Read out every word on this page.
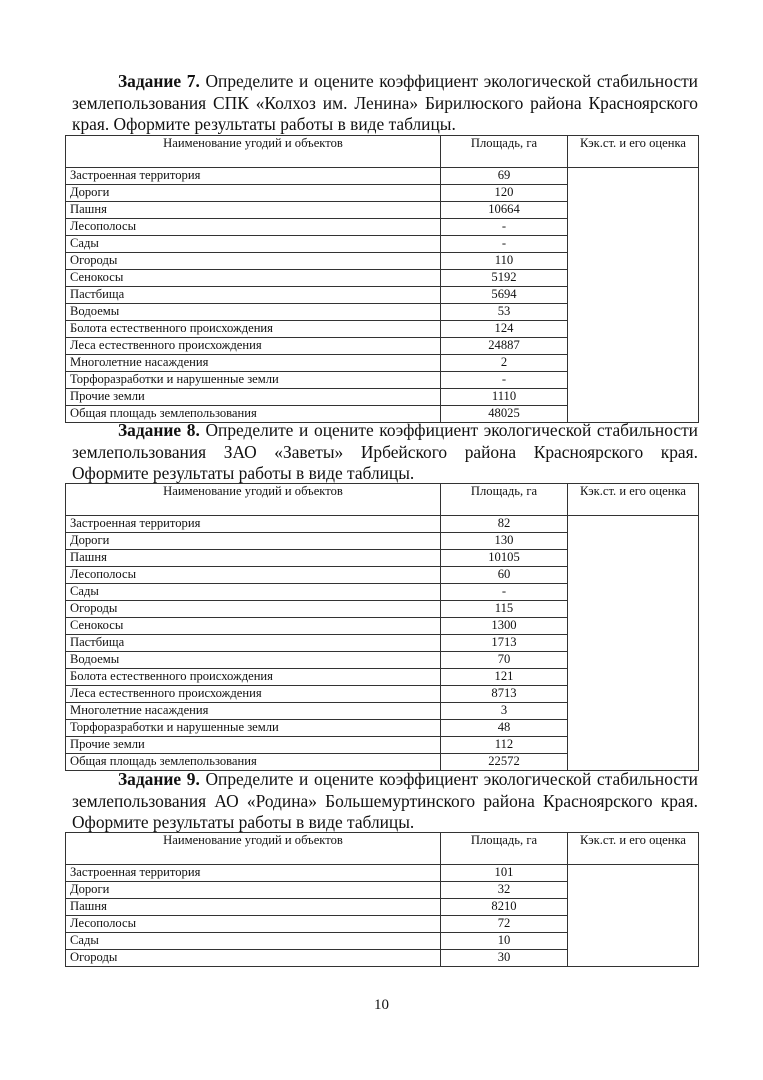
Задание 7. Определите и оцените коэффициент экологической стабильности землепользования СПК «Колхоз им. Ленина» Бирилюского района Красноярского края. Оформите результаты работы в виде таблицы.
Наименование угодий и объектов	Площадь, га	Кэк.ст. и его оценка
Застроенная территория	69	
Дороги	120	
Пашня	10664	
Лесополосы	-	
Сады	-	
Огороды	110	
Сенокосы	5192	
Пастбища	5694	
Водоемы	53	
Болота естественного происхождения	124	
Леса естественного происхождения	24887	
Многолетние насаждения	2	
Торфоразработки и нарушенные земли	-	
Прочие земли	1110	
Общая площадь землепользования	48025	
Задание 8. Определите и оцените коэффициент экологической стабильности землепользования ЗАО «Заветы» Ирбейского района Красноярского края. Оформите результаты работы в виде таблицы.
Наименование угодий и объектов	Площадь, га	Кэк.ст. и его оценка
Застроенная территория	82	
Дороги	130	
Пашня	10105	
Лесополосы	60	
Сады	-	
Огороды	115	
Сенокосы	1300	
Пастбища	1713	
Водоемы	70	
Болота естественного происхождения	121	
Леса естественного происхождения	8713	
Многолетние насаждения	3	
Торфоразработки и нарушенные земли	48	
Прочие земли	112	
Общая площадь землепользования	22572	
Задание 9. Определите и оцените коэффициент экологической стабильности землепользования АО «Родина» Большемуртинского района Красноярского края. Оформите результаты работы в виде таблицы.
Наименование угодий и объектов	Площадь, га	Кэк.ст. и его оценка
Застроенная территория	101	
Дороги	32	
Пашня	8210	
Лесополосы	72	
Сады	10	
Огороды	30	
10
